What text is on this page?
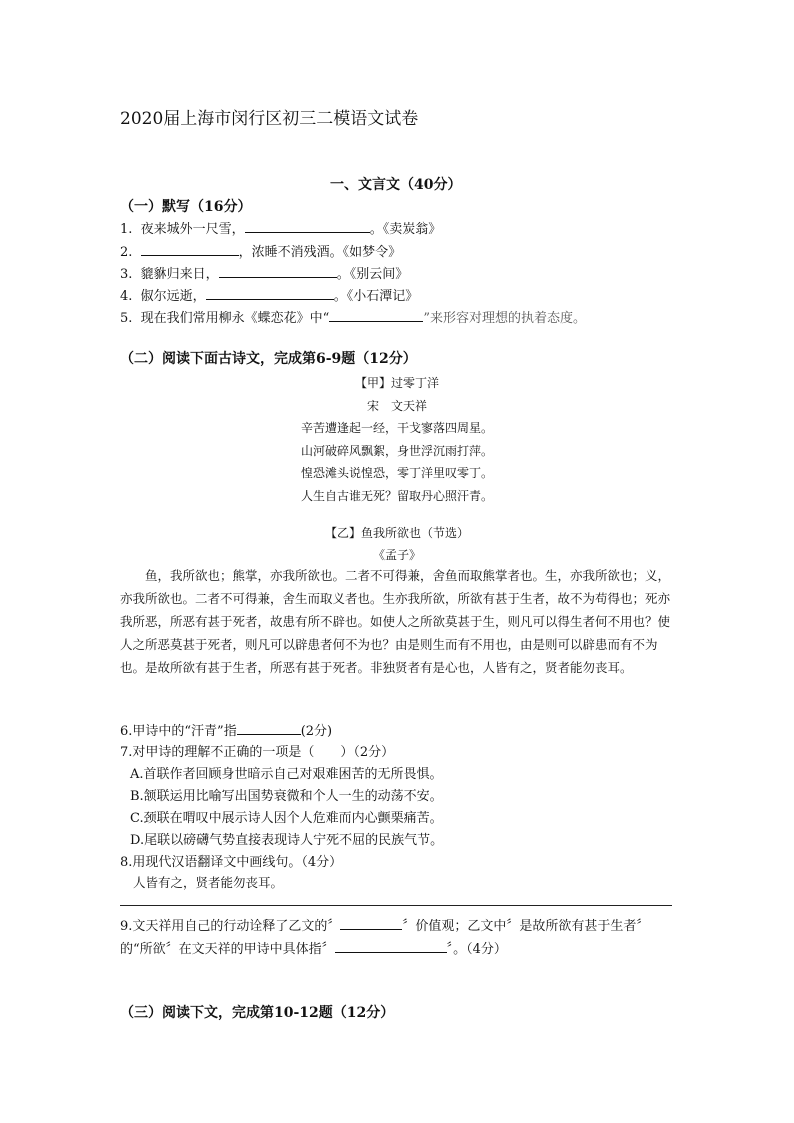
2020届上海市闵行区初三二模语文试卷
一、文言文（40分）
（一）默写（16分）
1. 夜来城外一尺雪，	。《卖炭翁》
2.	，浓睡不消残酒。《如梦令》
3. 貔貅归来日，	。《别云间》
4. 俶尔远逝，	。《小石潭记》
5. 现在我们常用柳永《蝶恋花》中“	”来形容对理想的执着态度。
（二）阅读下面古诗文，完成第6-9题（12分）
【甲】过零丁洋
宋　文天祥
辛苦遭逢起一经，干戈寥落四周星。
山河破碎风飘絮，身世浮沉雨打萍。
惶恐滩头说惶恐，零丁洋里叹零丁。
人生自古谁无死？留取丹心照汗青。
【乙】鱼我所欲也（节选）
《孟子》
鱼，我所欲也；熊掌，亦我所欲也。二者不可得兼，舍鱼而取熊掌者也。生，亦我所欲也；义，亦我所欲也。二者不可得兼，舍生而取义者也。生亦我所欲，所欲有甚于生者，故不为苟得也；死亦我所恶，所恶有甚于死者，故患有所不辟也。如使人之所欲莫甚于生，则凡可以得生者何不用也？使人之所恶莫甚于死者，则凡可以辟患者何不为也？由是则生而有不用也，由是则可以辟患而有不为也。是故所欲有甚于生者，所恶有甚于死者。非独贤者有是心也，人皆有之，贤者能勿丧耳。
6.甲诗中的“汗青”指	(2分)
7.对甲诗的理解不正确的一项是（　　）（2分）
A.首联作者回顾身世暗示自己对艰难困苦的无所畏惧。
B.颔联运用比喻写出国势衰微和个人一生的动荡不安。
C.颈联在喟叹中展示诗人因个人危难而内心颤栗痛苦。
D.尾联以磅礴气势直接表现诗人宁死不屈的民族气节。
8.用现代汉语翻译文中画线句。（4分）
人皆有之，贤者能勿丧耳。
9.文天祥用自己的行动诠释了乙文的〞	〞价值观；乙文中〞是故所欲有甚于生者〞
的“所欲〞在文天祥的甲诗中具体指〞	〞。（4分）
（三）阅读下文，完成第10-12题（12分）
